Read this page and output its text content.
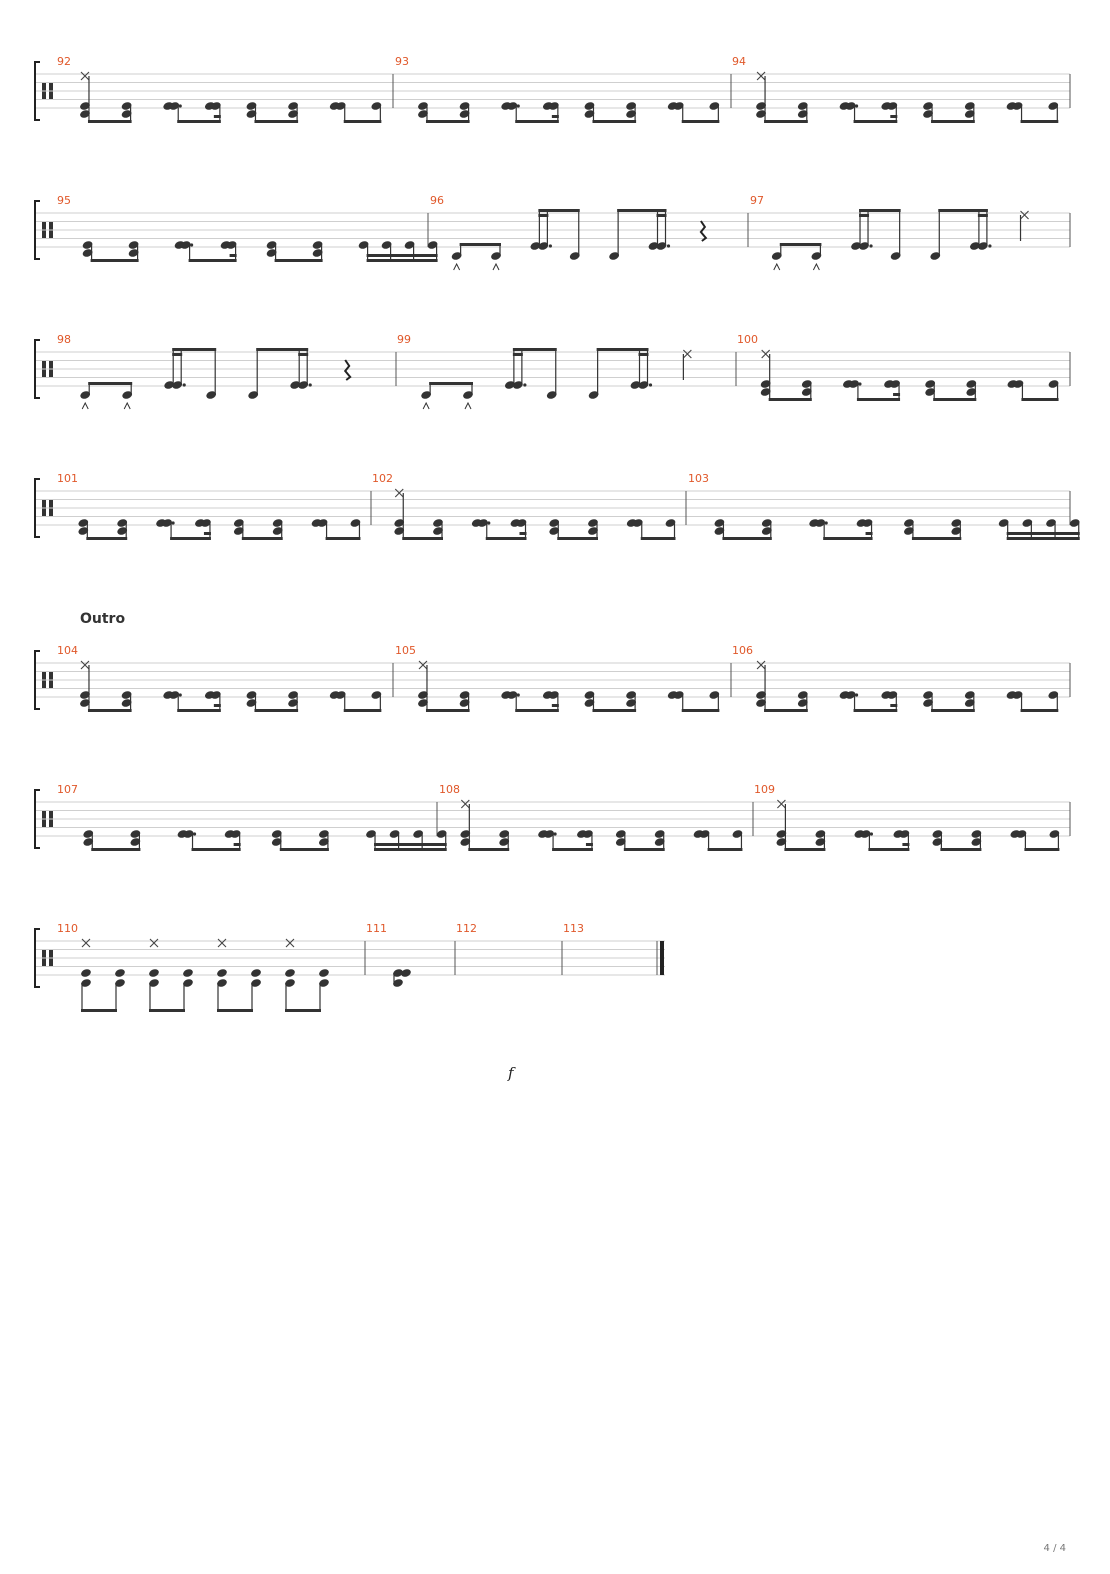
Outro
f
92	93	94
95	96	97
98	99	100
101	102	103
104	105	106
107	108	109
110	111	112	113
4 / 4
